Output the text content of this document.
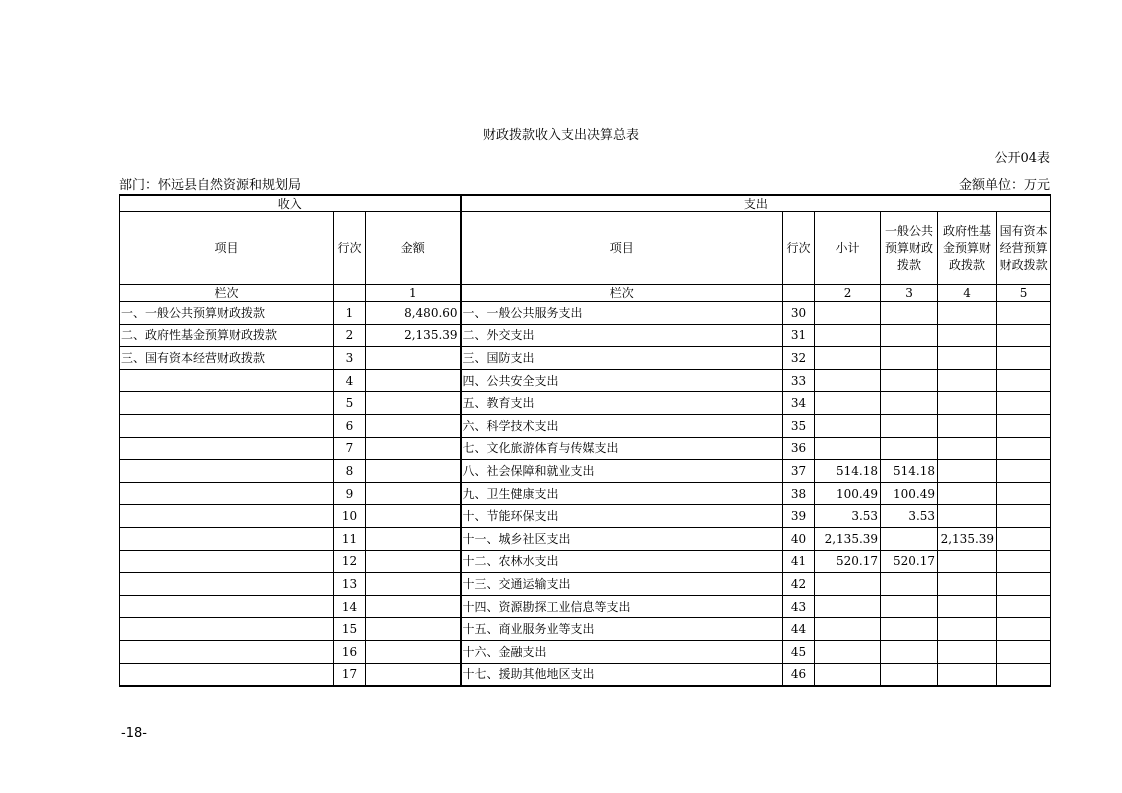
财政拨款收入支出决算总表
公开04表
部门：怀远县自然资源和规划局	金额单位：万元
收入			支出					
项目	行次	金额	项目	行次	小计	一般公共预算财政拨款	政府性基金预算财政拨款	国有资本经营预算财政拨款
栏次		1	栏次		2	3	4	5
一、一般公共预算财政拨款	1	8,480.60	一、一般公共服务支出	30				
二、政府性基金预算财政拨款	2	2,135.39	二、外交支出	31				
三、国有资本经营财政拨款	3		三、国防支出	32				
	4		四、公共安全支出	33				
	5		五、教育支出	34				
	6		六、科学技术支出	35				
	7		七、文化旅游体育与传媒支出	36				
	8		八、社会保障和就业支出	37	514.18	514.18		
	9		九、卫生健康支出	38	100.49	100.49		
	10		十、节能环保支出	39	3.53	3.53		
	11		十一、城乡社区支出	40	2,135.39		2,135.39	
	12		十二、农林水支出	41	520.17	520.17		
	13		十三、交通运输支出	42				
	14		十四、资源勘探工业信息等支出	43				
	15		十五、商业服务业等支出	44				
	16		十六、金融支出	45				
	17		十七、援助其他地区支出	46				
-18-
